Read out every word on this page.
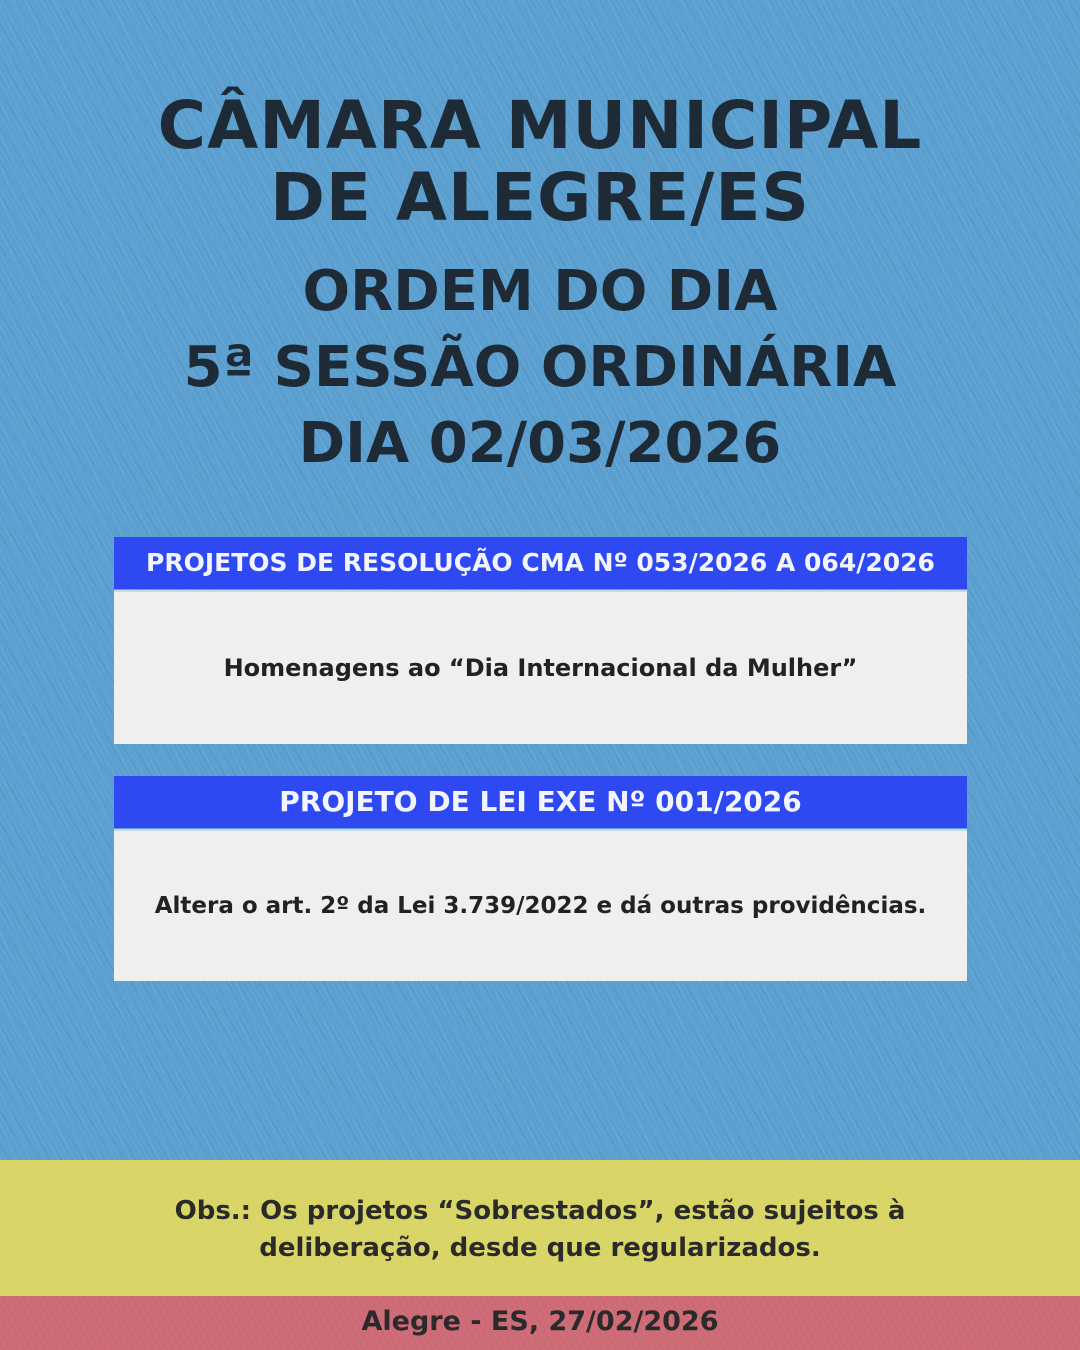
CÂMARA MUNICIPAL
DE ALEGRE/ES
ORDEM DO DIA
5ª SESSÃO ORDINÁRIA
DIA 02/03/2026
PROJETOS DE RESOLUÇÃO CMA Nº 053/2026 A 064/2026
Homenagens ao “Dia Internacional da Mulher”
PROJETO DE LEI EXE Nº 001/2026
Altera o art. 2º da Lei 3.739/2022 e dá outras providências.
Obs.: Os projetos “Sobrestados”, estão sujeitos à
deliberação, desde que regularizados.
Alegre - ES, 27/02/2026
